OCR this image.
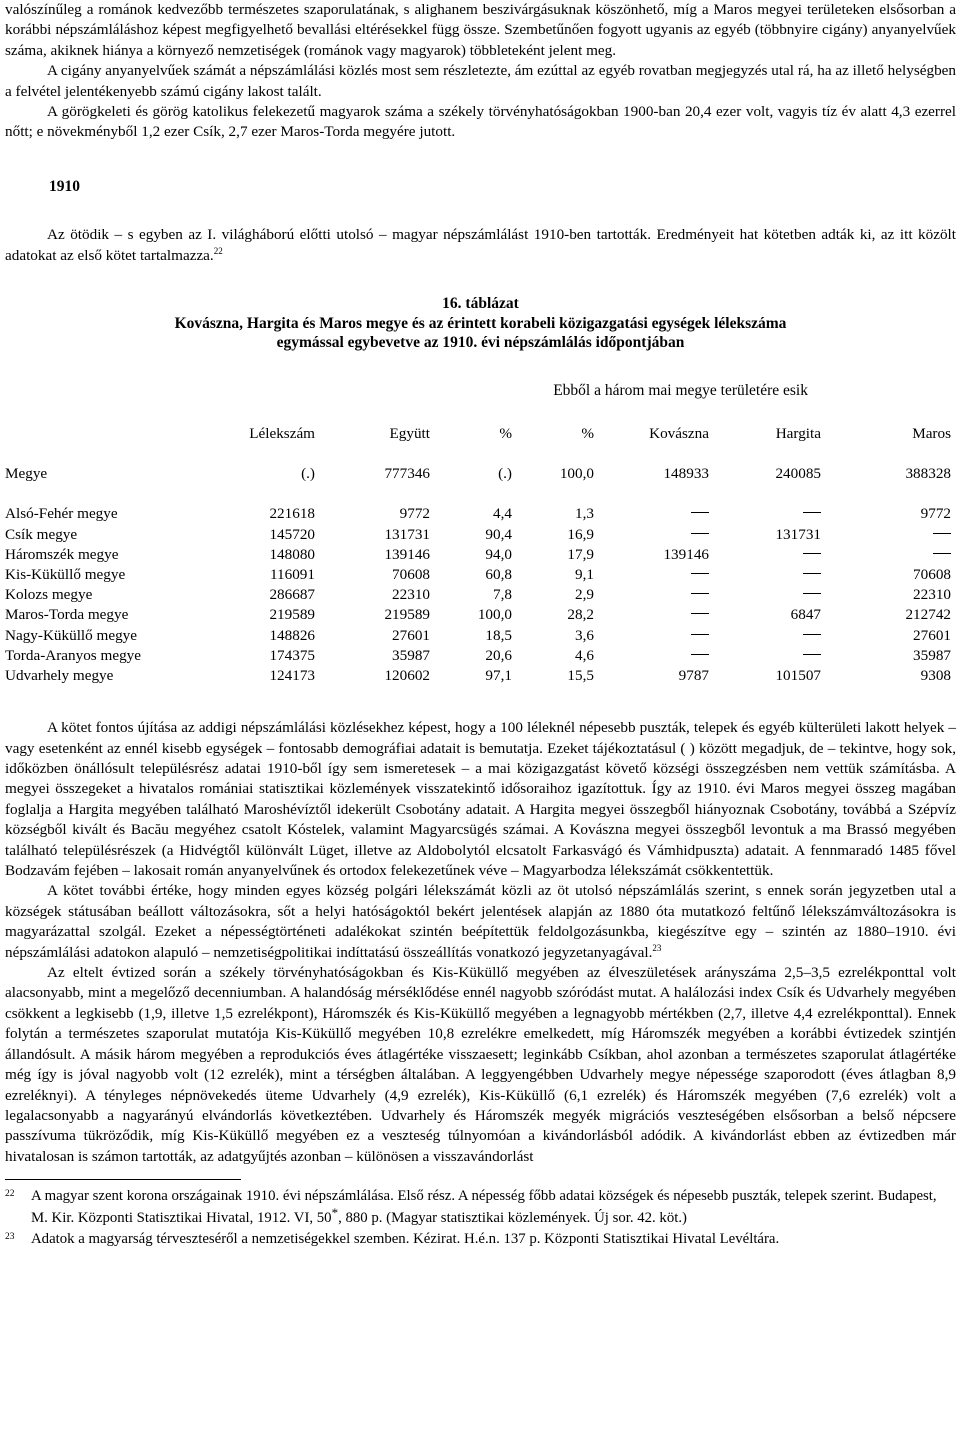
valószínűleg a románok kedvezőbb természetes szaporulatának, s alighanem beszivárgásuknak köszönhető, míg a Maros megyei területeken elsősorban a korábbi népszámláláshoz képest megfigyelhető bevallási eltérésekkel függ össze. Szembetűnően fogyott ugyanis az egyéb (többnyire cigány) anyanyelvűek száma, akiknek hiánya a környező nemzetiségek (románok vagy magyarok) többleteként jelent meg.

A cigány anyanyelvűek számát a népszámlálási közlés most sem részletezte, ám ezúttal az egyéb rovatban megjegyzés utal rá, ha az illető helységben a felvétel jelentékenyebb számú cigány lakost talált.

A görögkeleti és görög katolikus felekezetű magyarok száma a székely törvényhatóságokban 1900-ban 20,4 ezer volt, vagyis tíz év alatt 4,3 ezerrel nőtt; e növekményből 1,2 ezer Csík, 2,7 ezer Maros-Torda megyére jutott.

1910

Az ötödik – s egyben az I. világháború előtti utolsó – magyar népszámlálást 1910-ben tartották. Eredményeit hat kötetben adták ki, az itt közölt adatokat az első kötet tartalmazza.$^{22}$

16. táblázat
Kovászna, Hargita és Maros megye és az érintett korabeli közigazgatási egységek lélekszáma
egymással egybevetve az 1910. évi népszámlálás időpontjában
Ebből a három mai megye területére esik
	Lélekszám	Együtt	%	%	Kovászna	Hargita	Maros

Megye	(.)	777346	(.)	100,0	148933	240085	388328

Alsó-Fehér megye	221618	9772	4,4	1,3			9772
Csík megye	145720	131731	90,4	16,9		131731	
Háromszék megye	148080	139146	94,0	17,9	139146		
Kis-Küküllő megye	116091	70608	60,8	9,1			70608
Kolozs megye	286687	22310	7,8	2,9			22310
Maros-Torda megye	219589	219589	100,0	28,2		6847	212742
Nagy-Küküllő megye	148826	27601	18,5	3,6			27601
Torda-Aranyos megye	174375	35987	20,6	4,6			35987
Udvarhely megye	124173	120602	97,1	15,5	9787	101507	9308

A kötet fontos újítása az addigi népszámlálási közlésekhez képest, hogy a 100 léleknél népesebb puszták, telepek és egyéb külterületi lakott helyek – vagy esetenként az ennél kisebb egységek – fontosabb demográfiai adatait is bemutatja. Ezeket tájékoztatásul ( ) között megadjuk, de – tekintve, hogy sok, időközben önállósult településrész adatai 1910-ből így sem ismeretesek – a mai közigazgatást követő községi összegzésben nem vettük számításba. A megyei összegeket a hivatalos romániai statisztikai közlemények visszatekintő idősoraihoz igazítottuk. Így az 1910. évi Maros megyei összeg magában foglalja a Hargita megyében található Maroshévíztől idekerült Csobotány adatait. A Hargita megyei összegből hiányoznak Csobotány, továbbá a Szépvíz községből kivált és Bacău megyéhez csatolt Kóstelek, valamint Magyarcsügés számai. A Kovászna megyei összegből levontuk a ma Brassó megyében található településrészek (a Hidvégtől különvált Lüget, illetve az Aldobolytól elcsatolt Farkasvágó és Vámhidpuszta) adatait. A fennmaradó 1485 fővel Bodzavám fejében – lakosait román anyanyelvűnek és ortodox felekezetűnek véve – Magyarbodza lélekszámát csökkentettük.

A kötet további értéke, hogy minden egyes község polgári lélekszámát közli az öt utolsó népszámlálás szerint, s ennek során jegyzetben utal a községek státusában beállott változásokra, sőt a helyi hatóságoktól bekért jelentések alapján az 1880 óta mutatkozó feltűnő lélekszámváltozásokra is magyarázattal szolgál. Ezeket a népességtörténeti adalékokat szintén beépítettük feldolgozásunkba, kiegészítve egy – szintén az 1880–1910. évi népszámlálási adatokon alapuló – nemzetiségpolitikai indíttatású összeállítás vonatkozó jegyzetanyagával.$^{23}$

Az eltelt évtized során a székely törvényhatóságokban és Kis-Küküllő megyében az élveszületések arányszáma 2,5–3,5 ezrelékponttal volt alacsonyabb, mint a megelőző decenniumban. A halandóság mérséklődése ennél nagyobb szóródást mutat. A halálozási index Csík és Udvarhely megyében csökkent a legkisebb (1,9, illetve 1,5 ezrelékpont), Háromszék és Kis-Küküllő megyében a legnagyobb mértékben (2,7, illetve 4,4 ezrelékponttal). Ennek folytán a természetes szaporulat mutatója Kis-Küküllő megyében 10,8 ezrelékre emelkedett, míg Háromszék megyében a korábbi évtizedek szintjén állandósult. A másik három megyében a reprodukciós éves átlagértéke visszaesett; leginkább Csíkban, ahol azonban a természetes szaporulat átlagértéke még így is jóval nagyobb volt (12 ezrelék), mint a térségben általában. A leggyengébben Udvarhely megye népessége szaporodott (éves átlagban 8,9 ezreléknyi). A tényleges népnövekedés üteme Udvarhely (4,9 ezrelék), Kis-Küküllő (6,1 ezrelék) és Háromszék megyében (7,6 ezrelék) volt a legalacsonyabb a nagyarányú elvándorlás következtében. Udvarhely és Háromszék megyék migrációs veszteségében elsősorban a belső népcsere passzívuma tükröződik, míg Kis-Küküllő megyében ez a veszteség túlnyomóan a kivándorlásból adódik. A kivándorlást ebben az évtizedben már hivatalosan is számon tartották, az adatgyűjtés azonban – különösen a visszavándorlást

22 A magyar szent korona országainak 1910. évi népszámlálása. Első rész. A népesség főbb adatai községek és népesebb puszták, telepek szerint. Budapest, M. Kir. Központi Statisztikai Hivatal, 1912. VI, 50*, 880 p. (Magyar statisztikai közlemények. Új sor. 42. köt.)
23 Adatok a magyarság térveszteséről a nemzetiségekkel szemben. Kézirat. H.é.n. 137 p. Központi Statisztikai Hivatal Levéltára.
